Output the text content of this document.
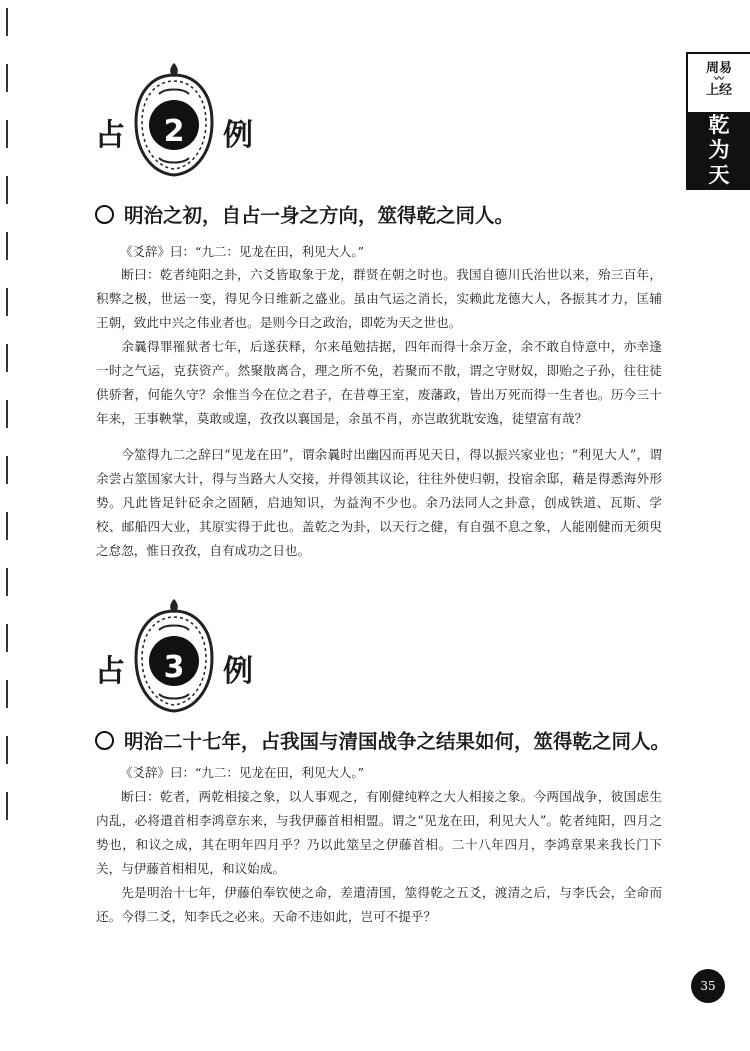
周易
〰
上经
乾
为
天
占	2	例
明治之初，自占一身之方向，筮得乾之同人。
《爻辞》曰：“九二：见龙在田，利见大人。”

断曰：乾者纯阳之卦，六爻皆取象于龙，群贤在朝之时也。我国自德川氏治世以来，殆三百年，积弊之极，世运一变，得见今日维新之盛业。虽由气运之消长，实赖此龙德大人，各振其才力，匡辅王朝，致此中兴之伟业者也。是则今日之政治，即乾为天之世也。

余曩得罪罹狱者七年，后遂获释，尔来黾勉拮据，四年而得十余万金，余不敢自恃意中，亦幸逢一时之气运，克获资产。然聚散离合，理之所不免，若聚而不散，谓之守财奴，即贻之子孙，往往徒供骄奢，何能久守？余惟当今在位之君子，在昔尊王室，废藩政，皆出万死而得一生者也。历今三十年来，王事鞅掌，莫敢或遑，孜孜以襄国是，余虽不肖，亦岂敢犹耽安逸，徒望富有哉？

今筮得九二之辞曰“见龙在田”，谓余曩时出幽囚而再见天日，得以振兴家业也；“利见大人”，谓余尝占筮国家大计，得与当路大人交接，并得领其议论，往往外使归朝，投宿余邸，藉是得悉海外形势。凡此皆足针砭余之固陋，启迪知识，为益洵不少也。余乃法同人之卦意，创成铁道、瓦斯、学校、邮船四大业，其原实得于此也。盖乾之为卦，以天行之健，有自强不息之象，人能刚健而无须臾之怠忽，惟日孜孜，自有成功之日也。

占	3	例
明治二十七年，占我国与清国战争之结果如何，筮得乾之同人。
《爻辞》曰：“九二：见龙在田，利见大人。”

断曰：乾者，两乾相接之象，以人事观之，有刚健纯粹之大人相接之象。今两国战争，彼国虑生内乱，必将遣首相李鸿章东来，与我伊藤首相相盟。谓之“见龙在田，利见大人”。乾者纯阳，四月之势也，和议之成，其在明年四月乎？乃以此筮呈之伊藤首相。二十八年四月，李鸿章果来我长门下关，与伊藤首相相见，和议始成。

先是明治十七年，伊藤伯奉钦使之命，差遣清国，筮得乾之五爻，渡清之后，与李氏会，全命而还。今得二爻，知李氏之必来。天命不违如此，岂可不提乎？

35
